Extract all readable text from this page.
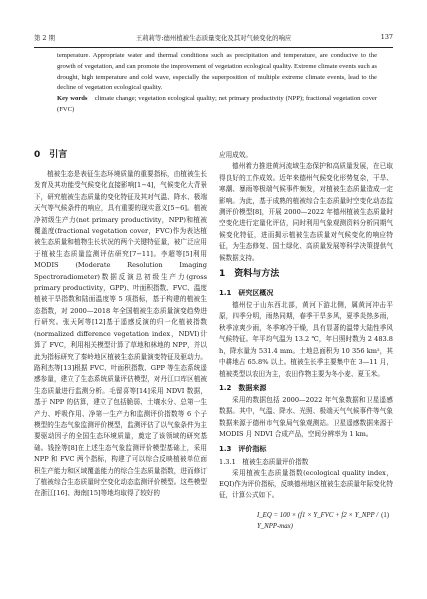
第 2 期	王莉莉等:德州植被生态质量变化及其对气候变化的响应	137

temperature. Appropriate water and thermal conditions such as precipitation and temperature, are conducive to the growth of vegetation, and can promote the improvement of vegetation ecological quality. Extreme climate events such as drought, high temperature and cold wave, especially the superposition of multiple extreme climate events, lead to the decline of vegetation ecological quality.

Key words　 climate change; vegetation ecological quality; net primary productivity (NPP); fractional vegetation cover (FVC)

0　引言

植被生态是表征生态环境质量的重要指标，由植被生长发育及其功能受气候变化直接影响[1−4]，气候变化大背景下，研究植被生态质量的变化特征及其对气温、降水、极端天气等气候条件的响应，具有重要的现实意义[5−6]。植被净初级生产力(net primary productivity，NPP)和植被覆盖度(fractional vegetation cover，FVC)作为表达植被生态质量和植物生长状况的两个关键特征量，被广泛应用于植被生态质量监测评估研究[7−11]。李超等[5]利用 MODIS (Moderate Resolution Imaging Spectroradiometer)数据反演总初级生产力(gross primary productivity，GPP)、叶面积指数、FVC、温度植被干旱指数和陆面温度等 5 项指标，基于构建的植被生态指数，对 2000—2018 年全国植被生态质量演变趋势进行研究。张天阿等[12]基于遥感反演的归一化植被指数(normalized difference vegetation index，NDVI)计算了 FVC，利用相关模型计算了草地和林地的 NPP，并以此为指标研究了秦岭地区植被生态质量演变特征及驱动力。路利杰等[13]根据 FVC、叶面积指数、GPP 等生态系统遥感参量，建立了生态系统质量评估模型，对丹江口库区植被生态质量进行监测分析。毛留喜等[14]采用 NDVI 数据，基于 NPP 的估算，建立了包括脆弱、土壤水分、总第一生产力、呼吸作用、净第一生产力和监测评价指数等 6 个子模型的生态气象监测评价模型，监测评估了以气象条件为主要驱动因子的全国生态环境质量，奠定了该领域的研究基础。钱拴等[8]在上述生态气象监测评价模型基础上，采用 NPP 和 FVC 两个指标，构建了可以综合反映植被单位面积生产能力和区域覆盖能力的综合生态质量指数，进而修订了植被综合生态质量时空变化动态监测评价模型。这些模型在浙江[16]、海南[15]等地均取得了较好的

应用成效。

德州着力推进黄河流域生态保护和高质量发展，在已取得良好的工作成效。近年来德州气候变化形势复杂，干旱、寒潮、暴雨等极端气候事件频发，对植被生态质量造成一定影响。为此，基于成熟的植被综合生态质量时空变化动态监测评价模型[8]，开展 2000—2022 年德州植被生态质量时空变化进行定量化评估，同时利用气象观测资料分析同期气候变化特征，进而揭示植被生态质量对气候变化的响应特征，为生态修复、国土绿化、高质量发展等科学决策提供气候数据支持。

1　资料与方法
1.1　研究区概况

德州位于山东西北部，黄河下游北侧，属黄河冲击平原，四季分明，雨热同期，春季干旱多风，夏季炎热多雨，秋季凉爽少雨，冬季寒冷干燥，具有显著的温带大陆性季风气候特征。年平均气温为 13.2 ℃，年日照时数为 2 483.8 h，降水量为 531.4 mm。土地总面积为 10 356 km²，其中耕地占 65.8% 以上。植被生长季主要集中在 3—11 月，植被类型以农田为主，农田作物主要为冬小麦、夏玉米。

1.2　数据来源

采用的数据包括 2000—2022 年气象数据和卫星遥感数据。其中，气温、降水、光照、极端天气气候事件等气象数据来源于德州市气象局气象观测站。卫星遥感数据来源于 MODIS 月 NDVI 合成产品，空间分辨率为 1 km。

1.3　评价指标
1.3.1　植被生态质量评价指数

采用植被生态质量指数(ecological quality index，EQI)作为评价指标，反映德州地区植被生态质量年际变化特征，计算公式如下。

I_EQ = 100 × (f1 × Y_FVC + f2 × Y_NPP / Y_NPP-max)
(1)
